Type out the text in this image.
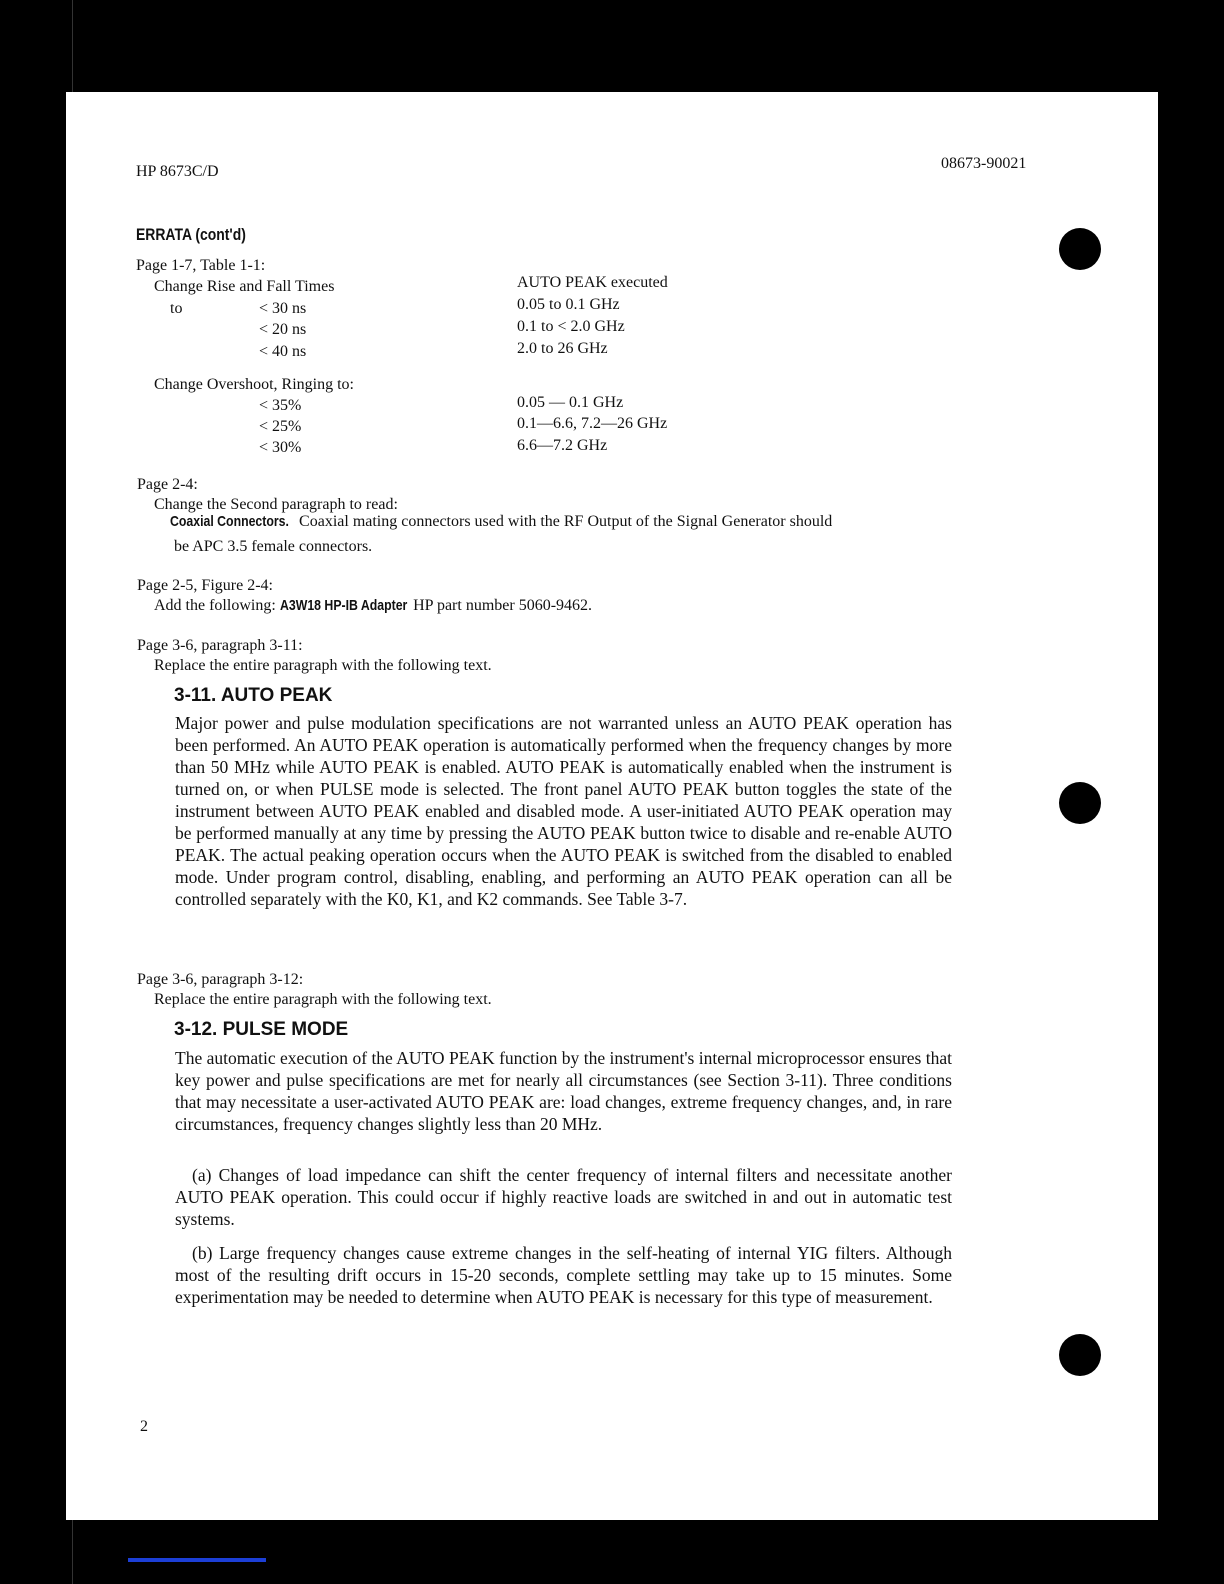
HP 8673C/D	08673-90021
ERRATA (cont'd)
Page 1-7, Table 1-1:
Change Rise and Fall Times
to	< 30 ns
< 20 ns
< 40 ns
AUTO PEAK executed
0.05 to 0.1 GHz
0.1 to < 2.0 GHz
2.0 to 26 GHz
Change Overshoot, Ringing to:
< 35%
< 25%
< 30%
0.05 — 0.1 GHz
0.1—6.6, 7.2—26 GHz
6.6—7.2 GHz
Page 2-4:
Change the Second paragraph to read:
Coaxial Connectors. Coaxial mating connectors used with the RF Output of the Signal Generator should
be APC 3.5 female connectors.
Page 2-5, Figure 2-4:
Add the following: A3W18 HP-IB Adapter HP part number 5060-9462.
Page 3-6, paragraph 3-11:
Replace the entire paragraph with the following text.
3-11. AUTO PEAK
Major power and pulse modulation specifications are not warranted unless an AUTO PEAK operation has been performed. An AUTO PEAK operation is automatically performed when the frequency changes by more than 50 MHz while AUTO PEAK is enabled. AUTO PEAK is automatically enabled when the instrument is turned on, or when PULSE mode is selected. The front panel AUTO PEAK button toggles the state of the instrument between AUTO PEAK enabled and disabled mode. A user-initiated AUTO PEAK operation may be performed manually at any time by pressing the AUTO PEAK button twice to disable and re-enable AUTO PEAK. The actual peaking operation occurs when the AUTO PEAK is switched from the disabled to enabled mode. Under program control, disabling, enabling, and performing an AUTO PEAK operation can all be controlled separately with the K0, K1, and K2 commands. See Table 3-7.
Page 3-6, paragraph 3-12:
Replace the entire paragraph with the following text.
3-12. PULSE MODE
The automatic execution of the AUTO PEAK function by the instrument's internal microprocessor ensures that key power and pulse specifications are met for nearly all circumstances (see Section 3-11). Three conditions that may necessitate a user-activated AUTO PEAK are: load changes, extreme frequency changes, and, in rare circumstances, frequency changes slightly less than 20 MHz.
(a) Changes of load impedance can shift the center frequency of internal filters and necessitate another AUTO PEAK operation. This could occur if highly reactive loads are switched in and out in automatic test systems.
(b) Large frequency changes cause extreme changes in the self-heating of internal YIG filters. Although most of the resulting drift occurs in 15-20 seconds, complete settling may take up to 15 minutes. Some experimentation may be needed to determine when AUTO PEAK is necessary for this type of measurement.
2
